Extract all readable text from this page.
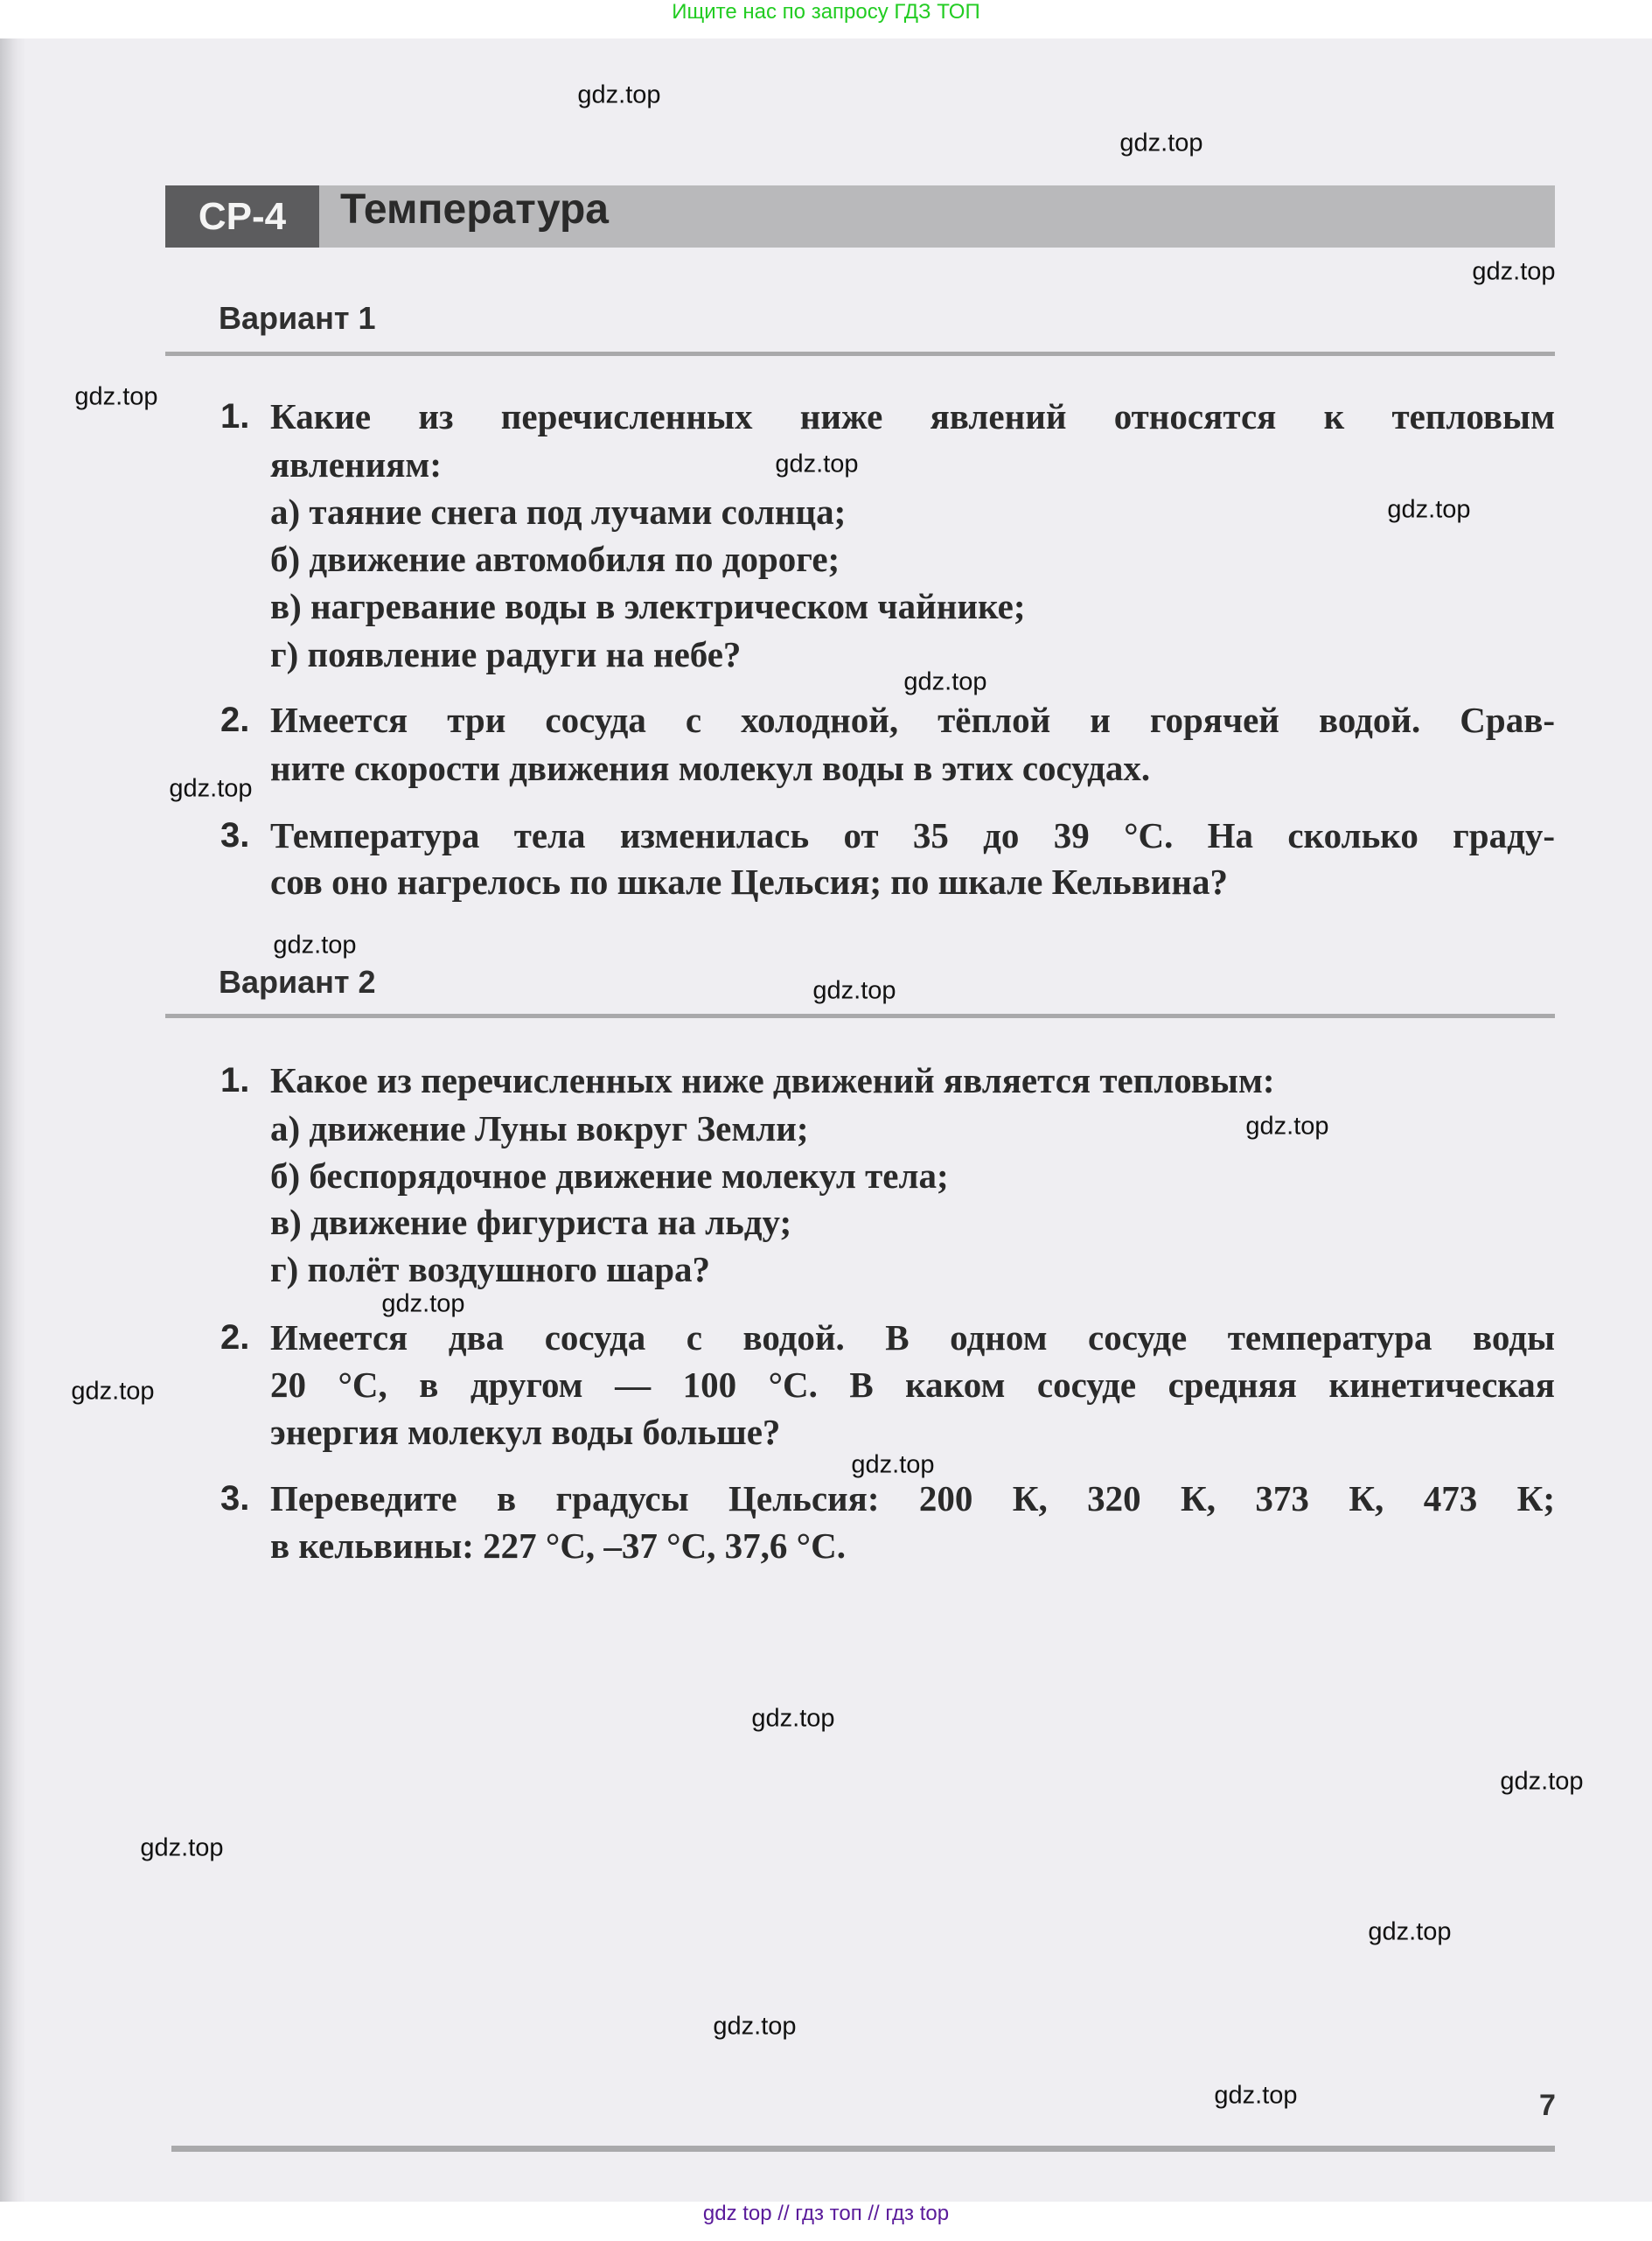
Ищите нас по запросу ГДЗ ТОП
СР-4	Температура
Вариант 1
1. Какие из перечисленных ниже явлений относятся к тепловым
явлениям:
а) таяние снега под лучами солнца;
б) движение автомобиля по дороге;
в) нагревание воды в электрическом чайнике;
г) появление радуги на небе?
2. Имеется три сосуда с холодной, тёплой и горячей водой. Срав-
ните скорости движения молекул воды в этих сосудах.
3. Температура тела изменилась от 35 до 39 °С. На сколько граду-
сов оно нагрелось по шкале Цельсия; по шкале Кельвина?
Вариант 2
1. Какое из перечисленных ниже движений является тепловым:
а) движение Луны вокруг Земли;
б) беспорядочное движение молекул тела;
в) движение фигуриста на льду;
г) полёт воздушного шара?
2. Имеется два сосуда с водой. В одном сосуде температура воды
20 °С, в другом — 100 °С. В каком сосуде средняя кинетическая
энергия молекул воды больше?
3. Переведите в градусы Цельсия: 200 К, 320 К, 373 К, 473 К;
в кельвины: 227 °С, –37 °С, 37,6 °С.
7
gdz.top
gdz.top
gdz.top
gdz.top
gdz.top
gdz.top
gdz.top
gdz.top
gdz.top
gdz.top
gdz.top
gdz.top
gdz.top
gdz.top
gdz.top
gdz.top
gdz.top
gdz.top
gdz.top
gdz.top
gdz top // гдз топ // гдз top
